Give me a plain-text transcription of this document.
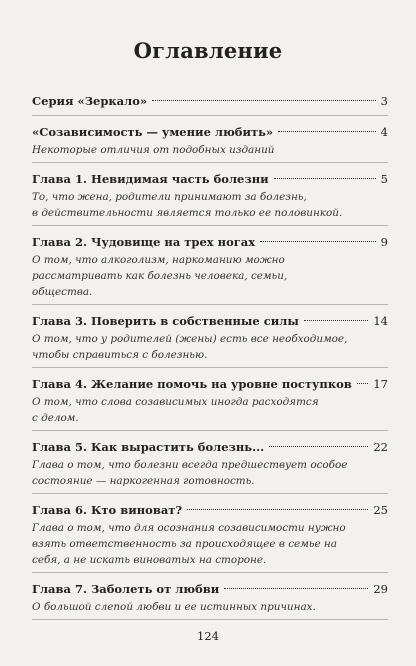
Оглавление
Серия «Зеркало»	3
«Созависимость — умение любить»	4
Некоторые отличия от подобных изданий
Глава 1. Невидимая часть болезни	5
То, что жена, родители принимают за болезнь,
в действительности является только ее половинкой.
Глава 2. Чудовище на трех ногах	9
О том, что алкоголизм, наркоманию можно
рассматривать как болезнь человека, семьи,
общества.
Глава 3. Поверить в собственные силы	14
О том, что у родителей (жены) есть все необходимое,
чтобы справиться с болезнью.
Глава 4. Желание помочь на уровне поступков 17
О том, что слова созависимых иногда расходятся
с делом.
Глава 5. Как вырастить болезнь...	22
Глава о том, что болезни всегда предшествует особое
состояние — наркогенная готовность.
Глава 6. Кто виноват?	25
Глава о том, что для осознания созависимости нужно
взять ответственность за происходящее в семье на
себя, а не искать виноватых на стороне.
Глава 7. Заболеть от любви	29
О большой слепой любви и ее истинных причинах.
124
